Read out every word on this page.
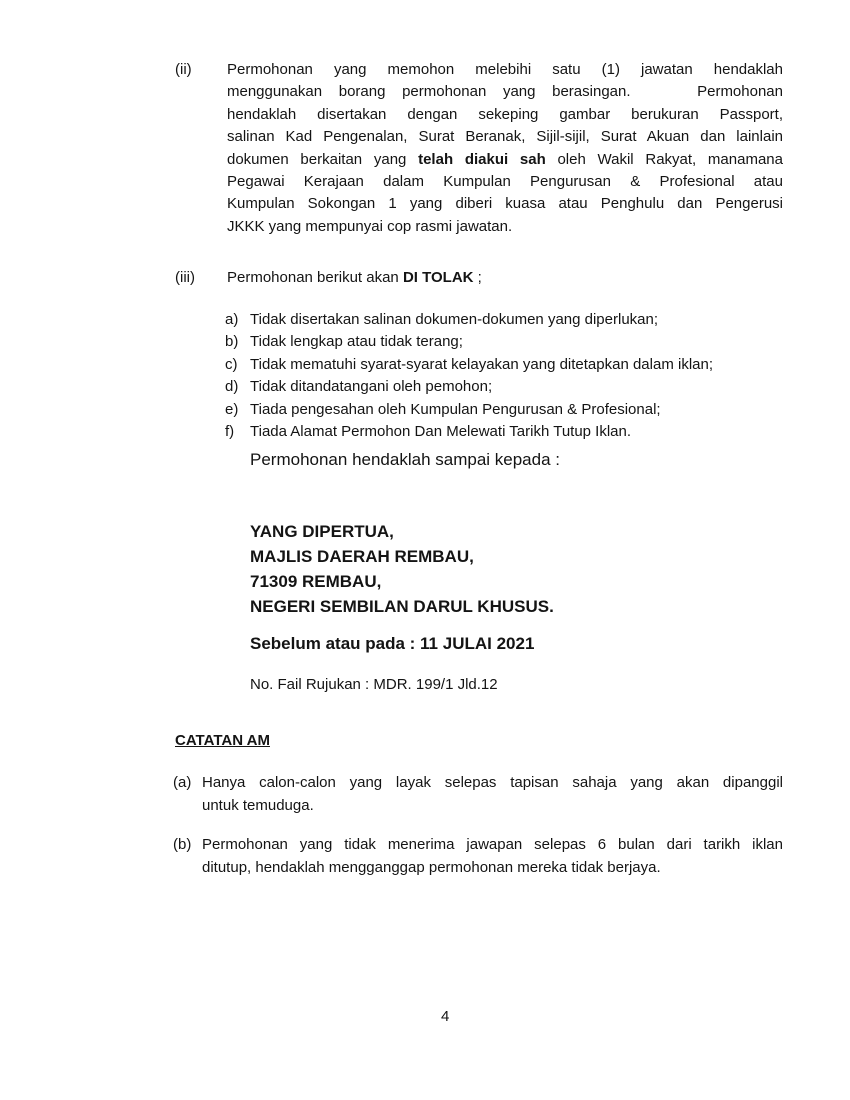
(ii)	Permohonan yang memohon melebihi satu (1) jawatan hendaklah
menggunakan borang permohonan yang berasingan.    Permohonan
hendaklah disertakan dengan sekeping gambar berukuran Passport,
salinan Kad Pengenalan, Surat Beranak, Sijil-sijil, Surat Akuan dan lainlain
dokumen berkaitan yang telah diakui sah oleh Wakil Rakyat, manamana
Pegawai Kerajaan dalam Kumpulan Pengurusan & Profesional atau
Kumpulan Sokongan 1 yang diberi kuasa atau Penghulu dan Pengerusi
JKKK yang mempunyai cop rasmi jawatan.
(iii)	Permohonan berikut akan DI TOLAK ;
a) Tidak disertakan salinan dokumen-dokumen yang diperlukan;
b) Tidak lengkap atau tidak terang;
c) Tidak mematuhi syarat-syarat kelayakan yang ditetapkan dalam iklan;
d) Tidak ditandatangani oleh pemohon;
e) Tiada pengesahan oleh Kumpulan Pengurusan & Profesional;
f)	Tiada Alamat Permohon Dan Melewati Tarikh Tutup Iklan.
Permohonan hendaklah sampai kepada :
YANG DIPERTUA,
MAJLIS DAERAH REMBAU,
71309 REMBAU,
NEGERI SEMBILAN DARUL KHUSUS.
Sebelum atau pada : 11 JULAI 2021
No. Fail Rujukan : MDR. 199/1 Jld.12
CATATAN AM
(a) Hanya calon-calon yang layak selepas tapisan sahaja yang akan dipanggil
untuk temuduga.
(b) Permohonan yang tidak menerima jawapan selepas 6 bulan dari tarikh iklan
ditutup, hendaklah mengganggap permohonan mereka tidak berjaya.
4
